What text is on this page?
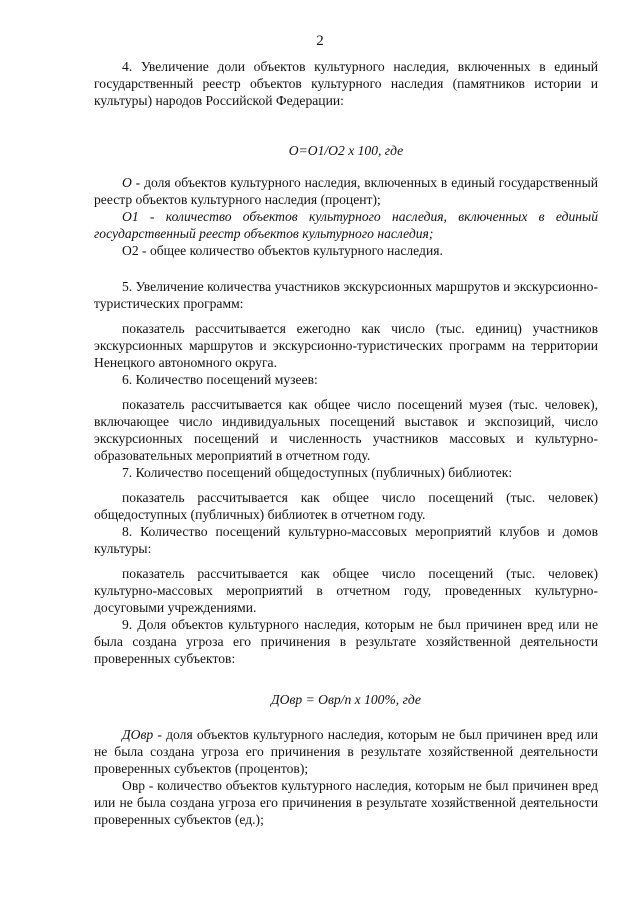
2

4. Увеличение доли объектов культурного наследия, включенных в единый государственный реестр объектов культурного наследия (памятников истории и культуры) народов Российской Федерации:

О=О1/О2 х 100, где

О - доля объектов культурного наследия, включенных в единый государственный реестр объектов культурного наследия (процент);

О1 - количество объектов культурного наследия, включенных в единый государственный реестр объектов культурного наследия;

О2 - общее количество объектов культурного наследия.

5. Увеличение количества участников экскурсионных маршрутов и экскурсионно-туристических программ:

показатель рассчитывается ежегодно как число (тыс. единиц) участников экскурсионных маршрутов и экскурсионно-туристических программ на территории Ненецкого автономного округа.

6. Количество посещений музеев:

показатель рассчитывается как общее число посещений музея (тыс. человек), включающее число индивидуальных посещений выставок и экспозиций, число экскурсионных посещений и численность участников массовых и культурно-образовательных мероприятий в отчетном году.

7. Количество посещений общедоступных (публичных) библиотек:

показатель рассчитывается как общее число посещений (тыс. человек) общедоступных (публичных) библиотек в отчетном году.

8. Количество посещений культурно-массовых мероприятий клубов и домов культуры:

показатель рассчитывается как общее число посещений (тыс. человек) культурно-массовых мероприятий в отчетном году, проведенных культурно-досуговыми учреждениями.

9. Доля объектов культурного наследия, которым не был причинен вред или не была создана угроза его причинения в результате хозяйственной деятельности проверенных субъектов:

ДОвр = Овр/n х 100%, где

ДОвр - доля объектов культурного наследия, которым не был причинен вред или не была создана угроза его причинения в результате хозяйственной деятельности проверенных субъектов (процентов);

Овр - количество объектов культурного наследия, которым не был причинен вред или не была создана угроза его причинения в результате хозяйственной деятельности проверенных субъектов (ед.);
